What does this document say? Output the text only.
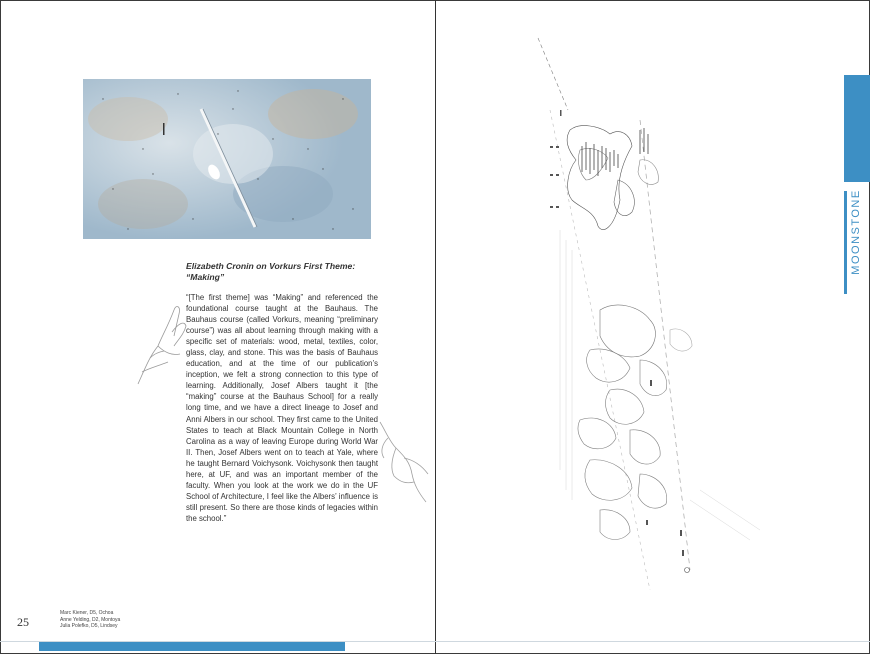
Elizabeth Cronin on Vorkurs First Theme: “Making”
“[The first theme] was “Making” and referenced the foundational course taught at the Bauhaus. The Bauhaus course (called Vorkurs, meaning “preliminary course”) was all about learning through making with a specific set of materials: wood, metal, textiles, color, glass, clay, and stone. This was the basis of Bauhaus education, and at the time of our publication’s inception, we felt a strong connection to this type of learning. Additionally, Josef Albers taught it [the “making” course at the Bauhaus School] for a really long time, and we have a direct lineage to Josef and Anni Albers in our school. They first came to the United States to teach at Black Mountain College in North Carolina as a way of leaving Europe during World War II. Then, Josef Albers went on to teach at Yale, where he taught Bernard Voichysonk. Voichysonk then taught here, at UF, and was an important member of the faculty. When you look at the work we do in the UF School of Architecture, I feel like the Albers’ influence is still present. So there are those kinds of legacies within the school.”
25
Marc Kiener, D5, Ochoa
Anne Yelding, D2, Montoya
Julia Polefko, D5, Lindsey
MOONSTONE
